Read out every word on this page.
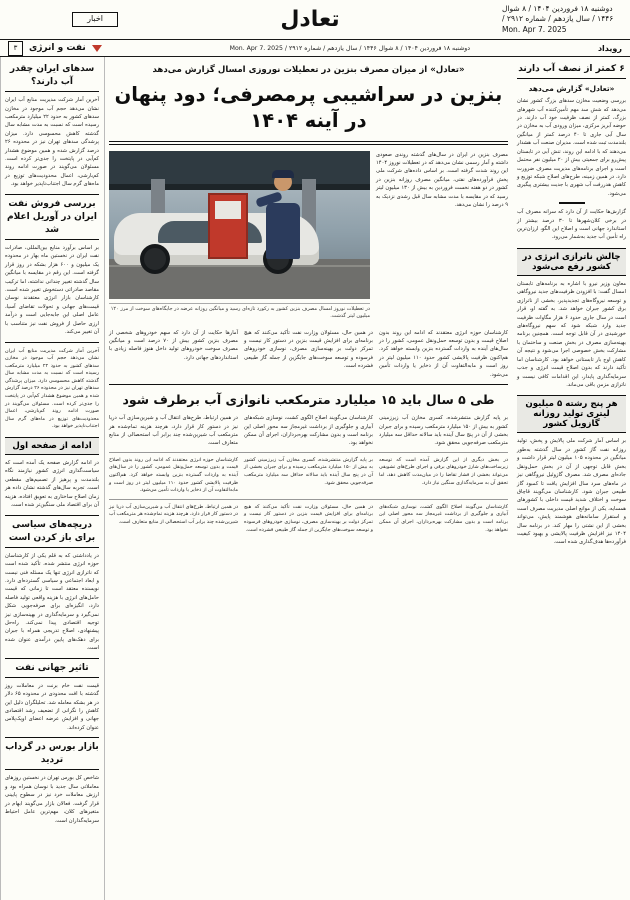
دوشنبه ۱۸ فروردین ۱۴۰۴ / ۸ شوال ۱۴۴۶ / سال یازدهم / شماره ۲۹۱۲ / Mon. Apr 7. 2025
تعادل
اخبار
رویداد
دوشنبه ۱۸ فروردین ۱۴۰۴ / ۸ شوال ۱۴۴۶ / سال یازدهم / شماره ۲۹۱۲ / Mon. Apr 7. 2025
نفت و انرژی
۳
۶ کمتر از نصف آب دارند
«تعادل» گزارش می‌دهد
بررسی وضعیت مخازن سدهای بزرگ کشور نشان می‌دهد که شش سد مهم تأمین‌کننده آب شهرهای بزرگ، کمتر از نصف ظرفیت خود آب دارند. در حوضه آبریز مرکزی، میزان ورودی آب به مخازن در سال آبی جاری تا ۴۰ درصد کمتر از میانگین بلندمدت ثبت شده است. مدیران صنعت آب هشدار می‌دهند که با ادامه این روند، تنش آبی در تابستان پیش‌رو برای جمعیتی بیش از ۲۰ میلیون نفر محتمل است و اجرای برنامه‌های مدیریت مصرف ضرورت دارد. در همین زمینه، طرح‌های اصلاح شبکه توزیع و کاهش هدررفت آب شهری با جدیت بیشتری پیگیری می‌شود.
گزارش‌ها حکایت از آن دارد که سرانه مصرف آب در برخی کلان‌شهرها تا ۳۰ درصد بیشتر از استاندارد جهانی است و اصلاح این الگو، ارزان‌ترین راه تأمین آب جدید به‌شمار می‌رود.
چالش ناترازی انرژی در کشور رفع می‌شود
معاون وزیر نیرو با اشاره به برنامه‌های تابستان امسال گفت: با افزودن ظرفیت‌های جدید نیروگاهی و توسعه نیروگاه‌های تجدیدپذیر، بخشی از ناترازی برق کشور جبران خواهد شد. به گفته او، قرار است در سال جاری حدود ۶ هزار مگاوات ظرفیت جدید وارد شبکه شود که سهم نیروگاه‌های خورشیدی در آن قابل توجه است. همچنین برنامه بهینه‌سازی مصرف در بخش صنعت و ساختمان با مشارکت بخش خصوصی اجرا می‌شود و نتیجه آن کاهش اوج بار تابستانی خواهد بود. کارشناسان اما تأکید دارند که بدون اصلاح قیمت انرژی و جذب سرمایه‌گذاری پایدار، این اقدامات کافی نیست و ناترازی مزمن باقی می‌ماند.
هر پنج رشته ۵ میلیون لیتری تولید روزانه گازویل کشور
بر اساس آمار شرکت ملی پالایش و پخش، تولید روزانه نفت گاز کشور در سال گذشته به‌طور میانگین در محدوده ۱۰۵ میلیون لیتر قرار داشت و بخش قابل توجهی از آن در بخش حمل‌ونقل جاده‌ای مصرف شد. مصرف گازوئیل نیروگاهی نیز در ماه‌های سرد سال افزایش یافت تا کمبود گاز طبیعی جبران شود. کارشناسان می‌گویند قاچاق سوخت و اختلاف شدید قیمت داخلی با کشورهای همسایه، یکی از موانع اصلی مدیریت مصرف است و استقرار سامانه‌های هوشمند پایش، می‌تواند بخشی از این نشتی را مهار کند. در برنامه سال ۱۴۰۴ نیز افزایش ظرفیت پالایشی و بهبود کیفیت فرآورده‌ها هدف‌گذاری شده است.
«تعادل» از میزان مصرف بنزین در تعطیلات نوروزی امسال گزارش می‌دهد
بنزین در سراشیبی پرمصرفی؛ دود پنهان در آینه ۱۴۰۴
مصرف بنزین در ایران در سال‌های گذشته روندی صعودی داشته و آمار رسمی نشان می‌دهد که در تعطیلات نوروز ۱۴۰۴ این روند شدت گرفته است. بر اساس داده‌های شرکت ملی پخش فرآورده‌های نفتی، میانگین مصرف روزانه بنزین در کشور در دو هفته نخست فروردین به بیش از ۱۳۰ میلیون لیتر رسید که در مقایسه با مدت مشابه سال قبل رشدی نزدیک به ۹ درصد را نشان می‌دهد.
در تعطیلات نوروز امسال مصرف بنزین کشور به رکورد تازه‌ای رسید و میانگین روزانه عرضه در جایگاه‌های سوخت از مرز ۱۲۰ میلیون لیتر گذشت.
کارشناسان حوزه انرژی معتقدند که ادامه این روند بدون اصلاح قیمت و بدون توسعه حمل‌ونقل عمومی، کشور را در سال‌های آینده به واردات گسترده بنزین وابسته خواهد کرد. هم‌اکنون ظرفیت پالایشی کشور حدود ۱۱۰ میلیون لیتر در روز است و مابه‌التفاوت آن از ذخایر یا واردات تأمین می‌شود.
در همین حال، مسئولان وزارت نفت تأکید می‌کنند که هیچ برنامه‌ای برای افزایش قیمت بنزین در دستور کار نیست و تمرکز دولت بر بهینه‌سازی مصرف، نوسازی خودروهای فرسوده و توسعه سوخت‌های جایگزین از جمله گاز طبیعی فشرده است.
آمارها حکایت از آن دارد که سهم خودروهای شخصی از مصرف بنزین کشور بیش از ۷۰ درصد است و میانگین مصرف سوخت خودروهای تولید داخل هنوز فاصله زیادی با استانداردهای جهانی دارد.
طی ۵ سال باید ۱۵ میلیارد مترمکعب نانوازی آب برطرف شود
بر پایه گزارش منتشرشده، کسری مخازن آب زیرزمینی کشور به بیش از ۱۵۰ میلیارد مترمکعب رسیده و برای جبران بخشی از آن در پنج سال آینده باید سالانه حداقل سه میلیارد مترمکعب صرفه‌جویی محقق شود.
کارشناسان می‌گویند اصلاح الگوی کشت، نوسازی شبکه‌های آبیاری و جلوگیری از برداشت غیرمجاز سه محور اصلی این برنامه است و بدون مشارکت بهره‌برداران، اجرای آن ممکن نخواهد بود.
در همین ارتباط، طرح‌های انتقال آب و شیرین‌سازی آب دریا نیز در دستور کار قرار دارد، هرچند هزینه تمام‌شده هر مترمکعب آب شیرین‌شده چند برابر آب استحصالی از منابع متعارف است.
در بخش دیگری از این گزارش آمده است که توسعه زیرساخت‌های شارژ خودروهای برقی و اجرای طرح‌های تشویقی می‌تواند بخشی از فشار تقاضا را در میان‌مدت کاهش دهد، اما تحقق آن به سرمایه‌گذاری سنگین نیاز دارد.
بر پایه گزارش منتشرشده، کسری مخازن آب زیرزمینی کشور به بیش از ۱۵۰ میلیارد مترمکعب رسیده و برای جبران بخشی از آن در پنج سال آینده باید سالانه حداقل سه میلیارد مترمکعب صرفه‌جویی محقق شود.
کارشناسان حوزه انرژی معتقدند که ادامه این روند بدون اصلاح قیمت و بدون توسعه حمل‌ونقل عمومی، کشور را در سال‌های آینده به واردات گسترده بنزین وابسته خواهد کرد. هم‌اکنون ظرفیت پالایشی کشور حدود ۱۱۰ میلیون لیتر در روز است و مابه‌التفاوت آن از ذخایر یا واردات تأمین می‌شود.
کارشناسان می‌گویند اصلاح الگوی کشت، نوسازی شبکه‌های آبیاری و جلوگیری از برداشت غیرمجاز سه محور اصلی این برنامه است و بدون مشارکت بهره‌برداران، اجرای آن ممکن نخواهد بود.
در همین حال، مسئولان وزارت نفت تأکید می‌کنند که هیچ برنامه‌ای برای افزایش قیمت بنزین در دستور کار نیست و تمرکز دولت بر بهینه‌سازی مصرف، نوسازی خودروهای فرسوده و توسعه سوخت‌های جایگزین از جمله گاز طبیعی فشرده است.
در همین ارتباط، طرح‌های انتقال آب و شیرین‌سازی آب دریا نیز در دستور کار قرار دارد، هرچند هزینه تمام‌شده هر مترمکعب آب شیرین‌شده چند برابر آب استحصالی از منابع متعارف است.
سد‌های ایران چقدر آب دارند؟
آخرین آمار شرکت مدیریت منابع آب ایران نشان می‌دهد حجم آب موجود در مخازن سدهای کشور به حدود ۲۲ میلیارد مترمکعب رسیده است که نسبت به مدت مشابه سال گذشته کاهش محسوسی دارد. میزان پرشدگی سدهای تهران نیز در محدوده ۲۶ درصد گزارش شده و همین موضوع هشدار کم‌آبی در پایتخت را جدی‌تر کرده است. مسئولان می‌گویند در صورت ادامه روند کم‌بارشی، اعمال محدودیت‌های توزیع در ماه‌های گرم سال اجتناب‌ناپذیر خواهد بود.
بررسی فروش نفت ایران در آوریل اعلام شد
بر اساس برآورد منابع بین‌المللی، صادرات نفت ایران در نخستین ماه بهار در محدوده یک میلیون و ۶۰۰ هزار بشکه در روز قرار گرفته است. این رقم در مقایسه با میانگین سال گذشته تغییر چندانی نداشته، اما ترکیب مقاصد صادراتی دستخوش تغییر شده است. کارشناسان بازار انرژی معتقدند نوسان قیمت‌های جهانی و تحولات تقاضای آسیا، عامل اصلی این جابه‌جایی است و درآمد ارزی حاصل از فروش نفت نیز متناسب با آن تغییر می‌کند.
آخرین آمار شرکت مدیریت منابع آب ایران نشان می‌دهد حجم آب موجود در مخازن سدهای کشور به حدود ۲۲ میلیارد مترمکعب رسیده است که نسبت به مدت مشابه سال گذشته کاهش محسوسی دارد. میزان پرشدگی سدهای تهران نیز در محدوده ۲۶ درصد گزارش شده و همین موضوع هشدار کم‌آبی در پایتخت را جدی‌تر کرده است. مسئولان می‌گویند در صورت ادامه روند کم‌بارشی، اعمال محدودیت‌های توزیع در ماه‌های گرم سال اجتناب‌ناپذیر خواهد بود.
ادامه از صفحه اول
در ادامه گزارش صفحه یک آمده است که سیاست‌گذاری انرژی کشور نیازمند نگاه بلندمدت و پرهیز از تصمیم‌های مقطعی است. تجربه سال‌های گذشته نشان داده هر زمان اصلاح ساختاری به تعویق افتاده، هزینه آن برای اقتصاد ملی سنگین‌تر شده است.
دریچه‌های سیاسی برای باز کردن است
در یادداشتی که به قلم یکی از کارشناسان حوزه انرژی منتشر شده، تأکید شده است که ناترازی انرژی تنها یک مسئله فنی نیست و ابعاد اجتماعی و سیاسی گسترده‌ای دارد. نویسنده معتقد است تا زمانی که قیمت حامل‌های انرژی با هزینه واقعی تولید فاصله دارد، انگیزه‌ای برای صرفه‌جویی شکل نمی‌گیرد و سرمایه‌گذاری در بهینه‌سازی نیز توجیه اقتصادی پیدا نمی‌کند. راه‌حل پیشنهادی، اصلاح تدریجی همراه با جبران برای دهک‌های پایین درآمدی عنوان شده است.
تاثیر جهانی نفت
قیمت نفت خام برنت در معاملات روز گذشته با افت محدودی در محدوده ۶۵ دلار در هر بشکه معامله شد. تحلیلگران دلیل این کاهش را نگرانی از تضعیف رشد اقتصادی جهانی و افزایش عرضه اعضای اوپک‌پلاس عنوان کرده‌اند.
بازار بورس در گرداب تردید
شاخص کل بورس تهران در نخستین روزهای معاملاتی سال جدید با نوسان همراه بود و ارزش معاملات خرد نیز در سطوح پایینی قرار گرفت. فعالان بازار می‌گویند ابهام در متغیرهای کلان، مهم‌ترین عامل احتیاط سرمایه‌گذاران است.
